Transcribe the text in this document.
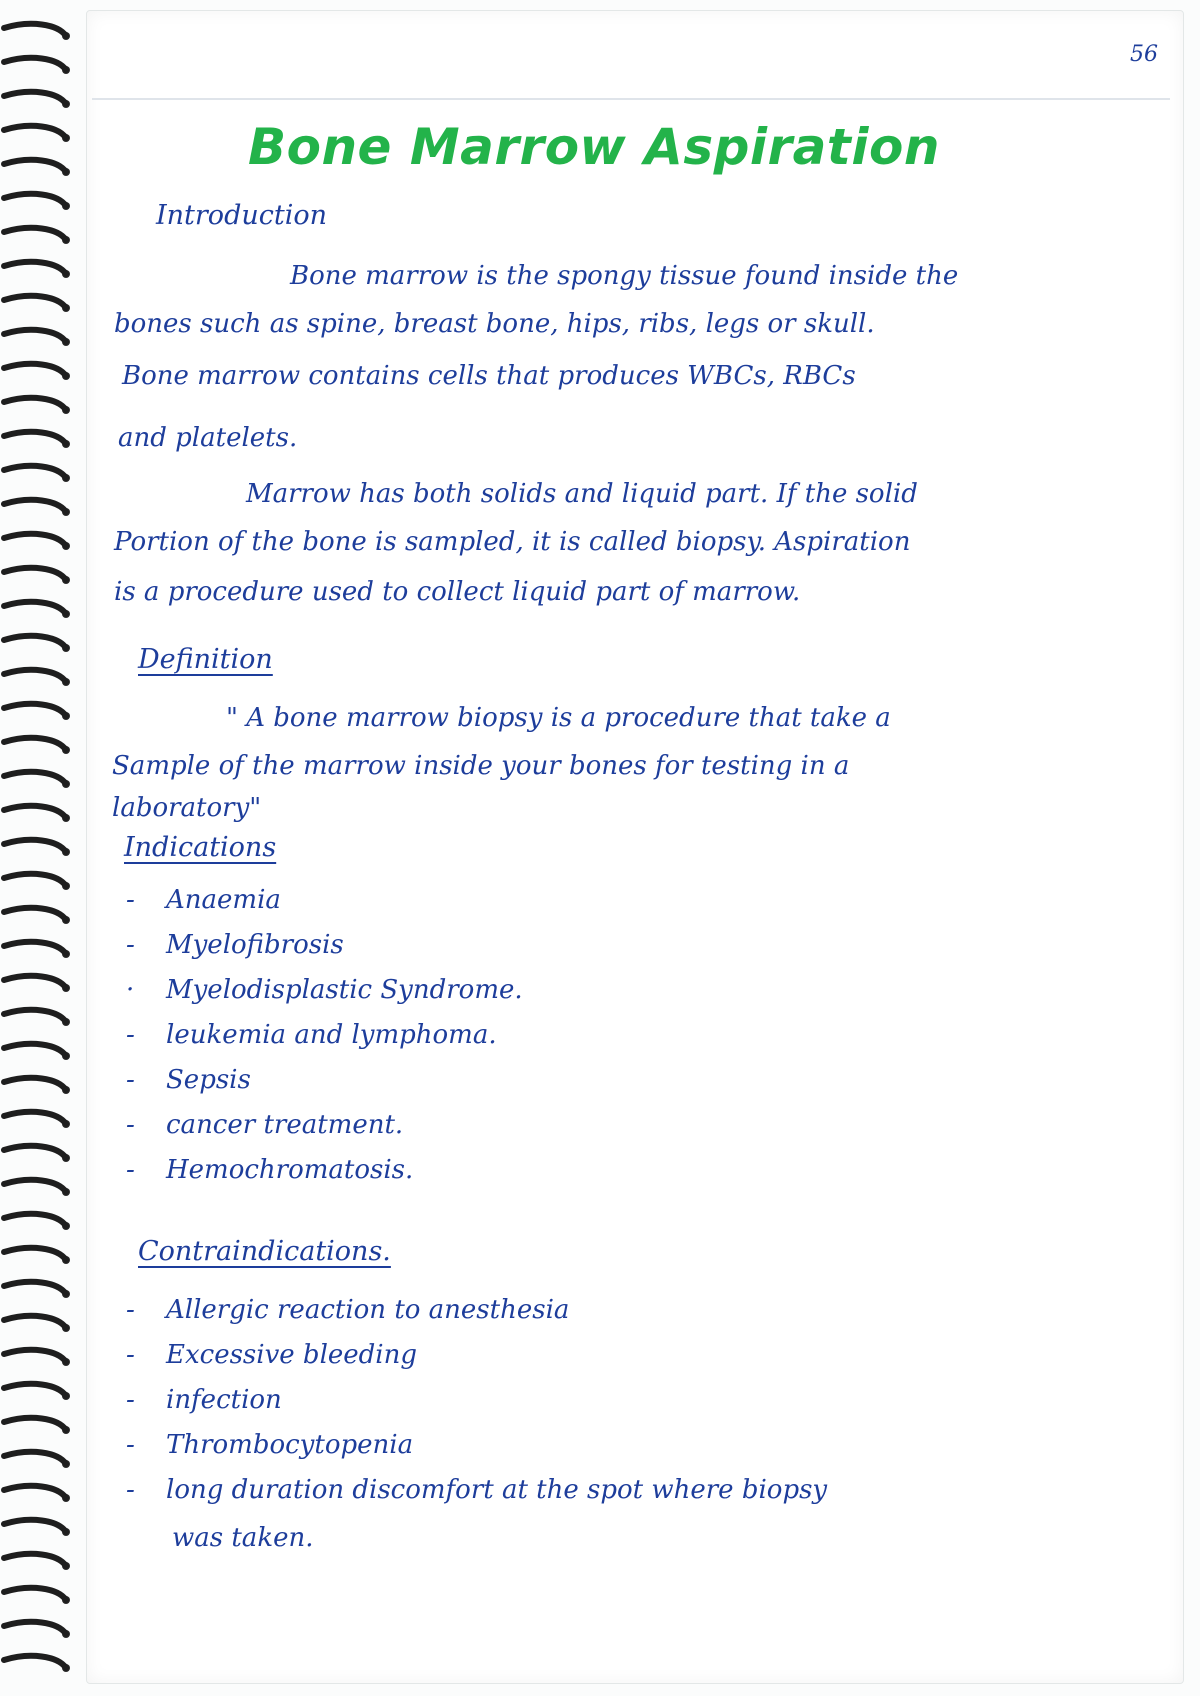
56
Bone Marrow Aspiration
Introduction
Bone marrow is the spongy tissue found inside the
bones such as spine, breast bone, hips, ribs, legs or skull.
Bone marrow contains cells that produces WBCs, RBCs
and platelets.
Marrow has both solids and liquid part. If the solid
Portion of the bone is sampled, it is called biopsy. Aspiration
is a procedure used to collect liquid part of marrow.
Definition
" A bone marrow biopsy is a procedure that take a
Sample of the marrow inside your bones for testing in a
laboratory"
Indications
-	Anaemia
-	Myelofibrosis
·	Myelodisplastic Syndrome.
-	leukemia and lymphoma.
-	Sepsis
-	cancer treatment.
-	Hemochromatosis.
Contraindications.
-	Allergic reaction to anesthesia
-	Excessive bleeding
-	infection
-	Thrombocytopenia
-	long duration discomfort at the spot where biopsy
was taken.
